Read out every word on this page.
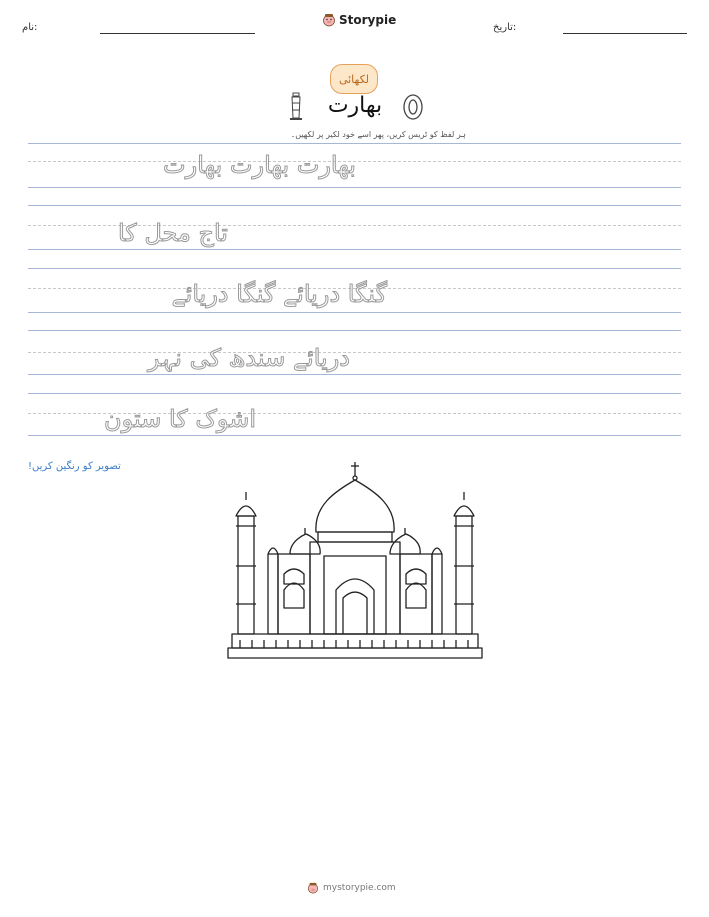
نام:
Storypie
تاریخ:
لکھائی
بھارت
ہر لفظ کو ٹریس کریں، پھر اسے خود لکیر پر لکھیں۔
بھارت بھارت بھارت
تاج محل کا
گنگا دریائے گنگا دریائے
دریائے سندھ کی نہر
اشوک کا ستون
تصویر کو رنگین کریں!
mystorypie.com
